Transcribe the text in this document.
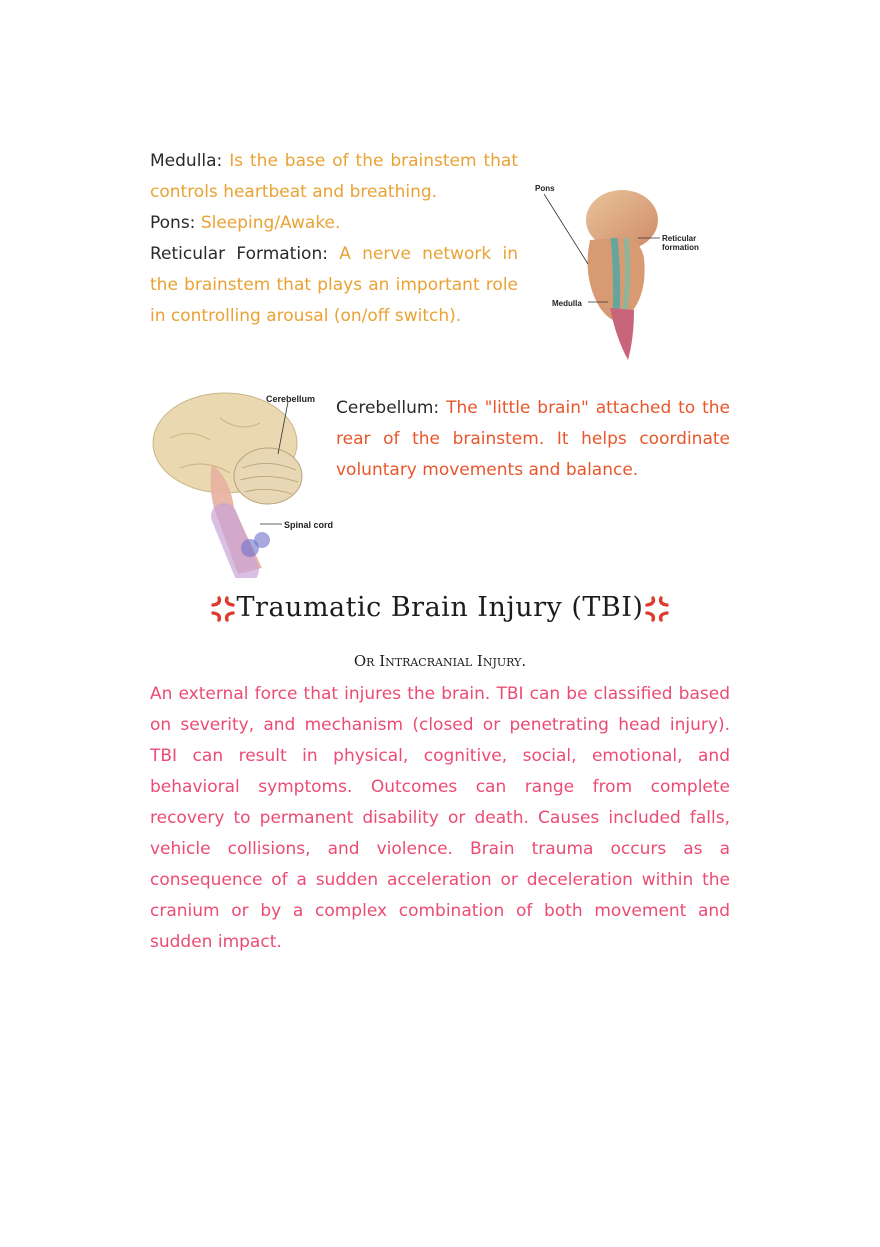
Medulla: Is the base of the brainstem that controls heartbeat and breathing.
Pons: Sleeping/Awake.
Reticular Formation: A nerve network in the brainstem that plays an important role in controlling arousal (on/off switch).
Pons
Reticular
formation
Medulla
Cerebellum
Spinal cord
Cerebellum: The "little brain" attached to the rear of the brainstem. It helps coordinate voluntary movements and balance.
Traumatic Brain Injury (TBI)
Or Intracranial Injury.
An external force that injures the brain. TBI can be classified based on severity, and mechanism (closed or penetrating head injury). TBI can result in physical, cognitive, social, emotional, and behavioral symptoms. Outcomes can range from complete recovery to permanent disability or death. Causes included falls, vehicle collisions, and violence. Brain trauma occurs as a consequence of a sudden acceleration or deceleration within the cranium or by a complex combination of both movement and sudden impact.
